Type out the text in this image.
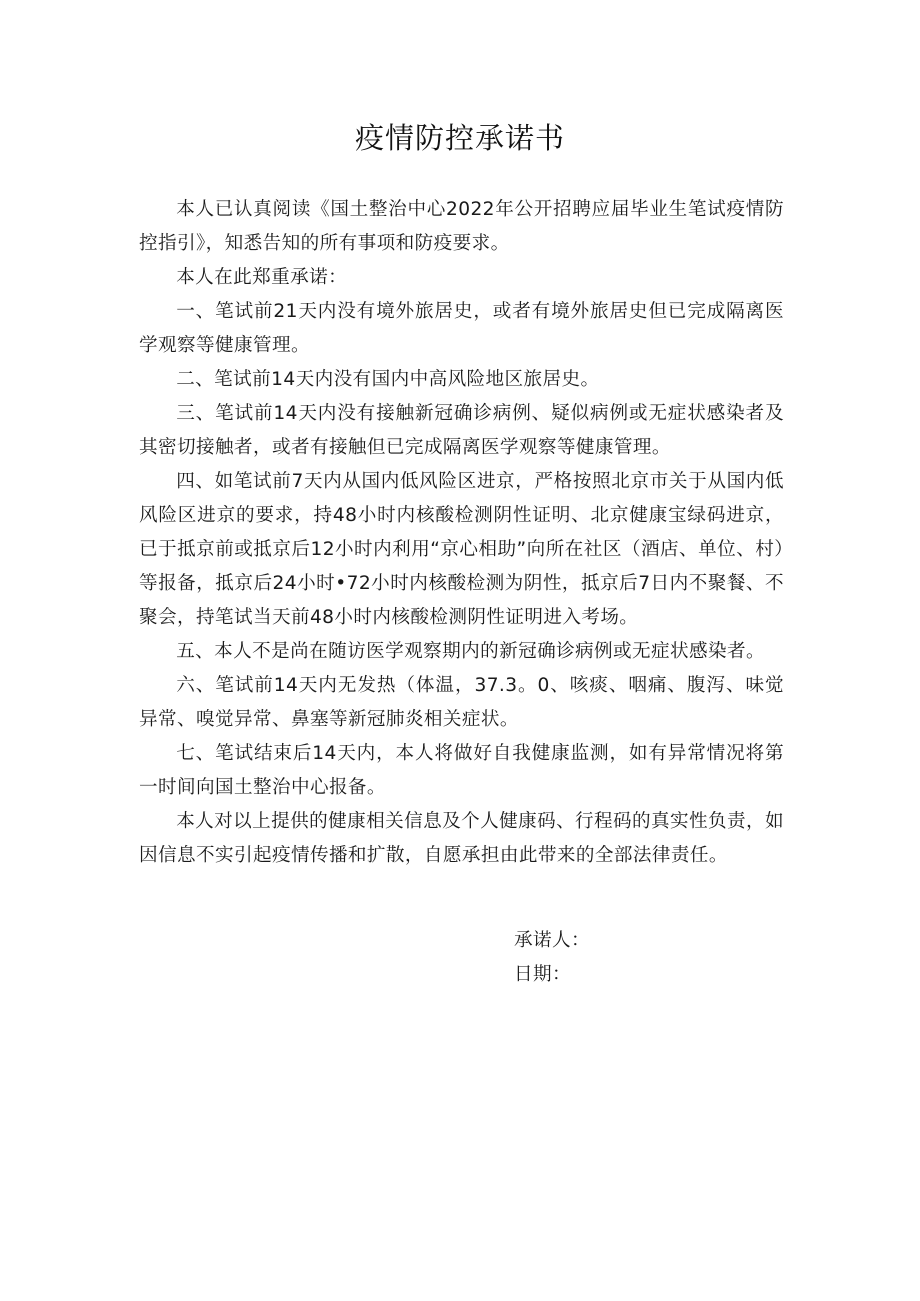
疫情防控承诺书

本人已认真阅读《国土整治中心2022年公开招聘应届毕业生笔试疫情防控指引》，知悉告知的所有事项和防疫要求。

本人在此郑重承诺：

一、笔试前21天内没有境外旅居史，或者有境外旅居史但已完成隔离医学观察等健康管理。

二、笔试前14天内没有国内中高风险地区旅居史。

三、笔试前14天内没有接触新冠确诊病例、疑似病例或无症状感染者及其密切接触者，或者有接触但已完成隔离医学观察等健康管理。

四、如笔试前7天内从国内低风险区进京，严格按照北京市关于从国内低风险区进京的要求，持48小时内核酸检测阴性证明、北京健康宝绿码进京，已于抵京前或抵京后12小时内利用“京心相助”向所在社区（酒店、单位、村）等报备，抵京后24小时•72小时内核酸检测为阴性，抵京后7日内不聚餐、不聚会，持笔试当天前48小时内核酸检测阴性证明进入考场。

五、本人不是尚在随访医学观察期内的新冠确诊病例或无症状感染者。

六、笔试前14天内无发热（体温，37.3。0、咳痰、咽痛、腹泻、味觉异常、嗅觉异常、鼻塞等新冠肺炎相关症状。

七、笔试结束后14天内，本人将做好自我健康监测，如有异常情况将第一时间向国土整治中心报备。

本人对以上提供的健康相关信息及个人健康码、行程码的真实性负责，如因信息不实引起疫情传播和扩散，自愿承担由此带来的全部法律责任。

承诺人：

日期：
